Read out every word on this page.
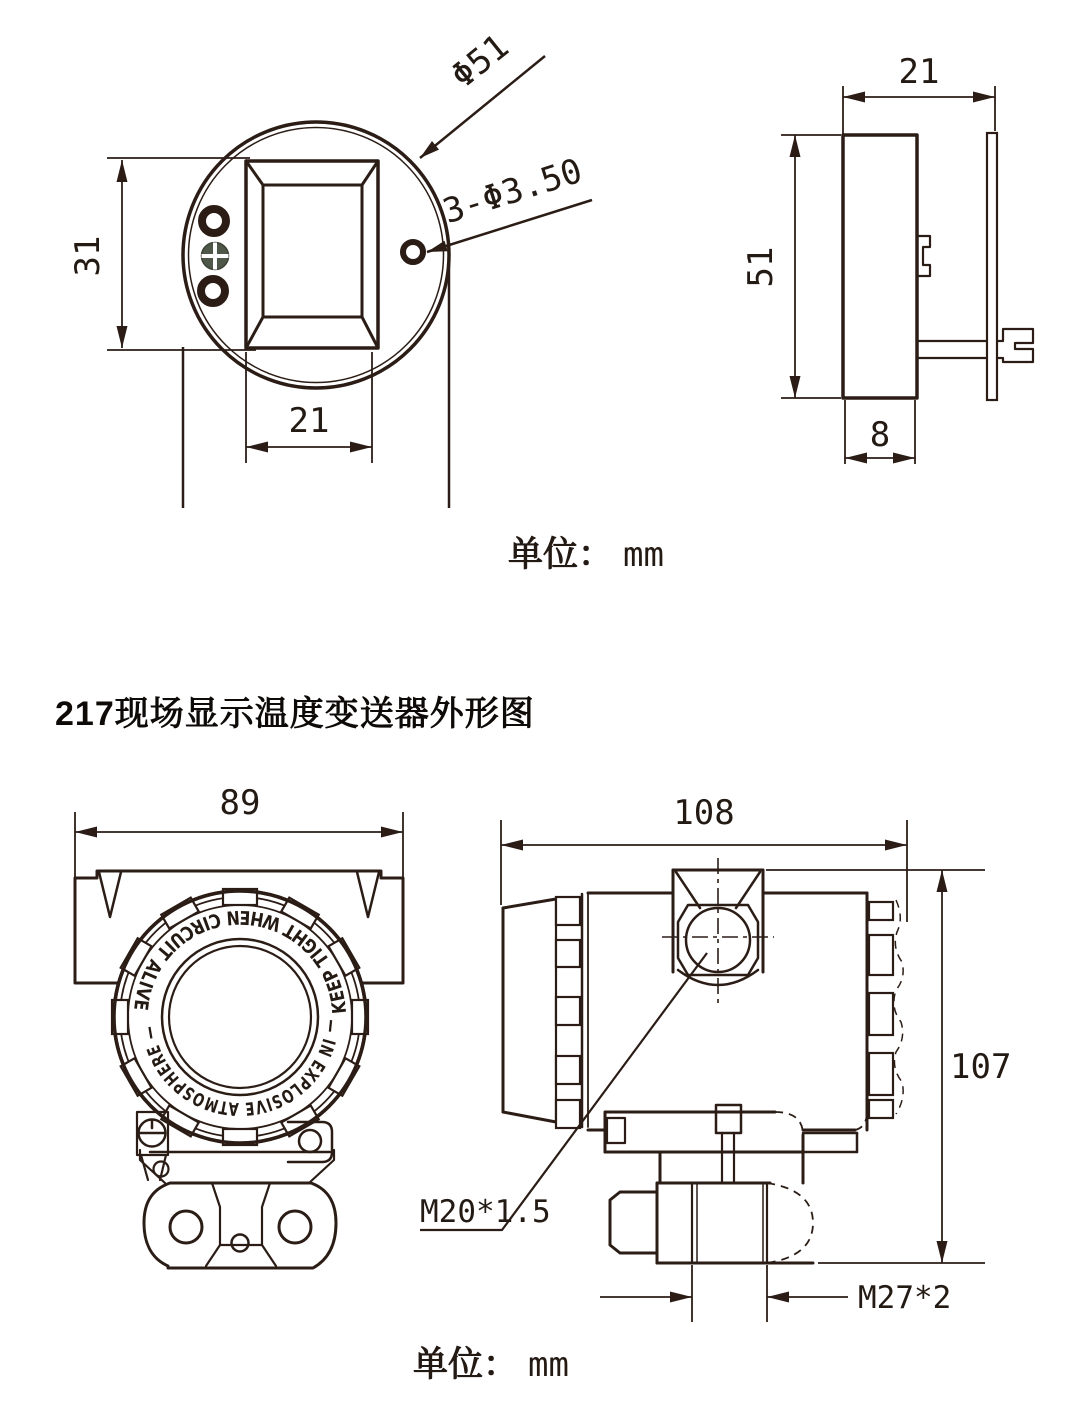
31
21
Φ51
3-Φ3.50
21
51
8
KEEP TIGHT WHEN CIRCUIT ALIVE
— IN EXPLOSIVE ATMOSPHERE —
89	108
107
M20*1.5
M27*2
217现场显示温度变送器外形图
单位： mm
单位： mm
